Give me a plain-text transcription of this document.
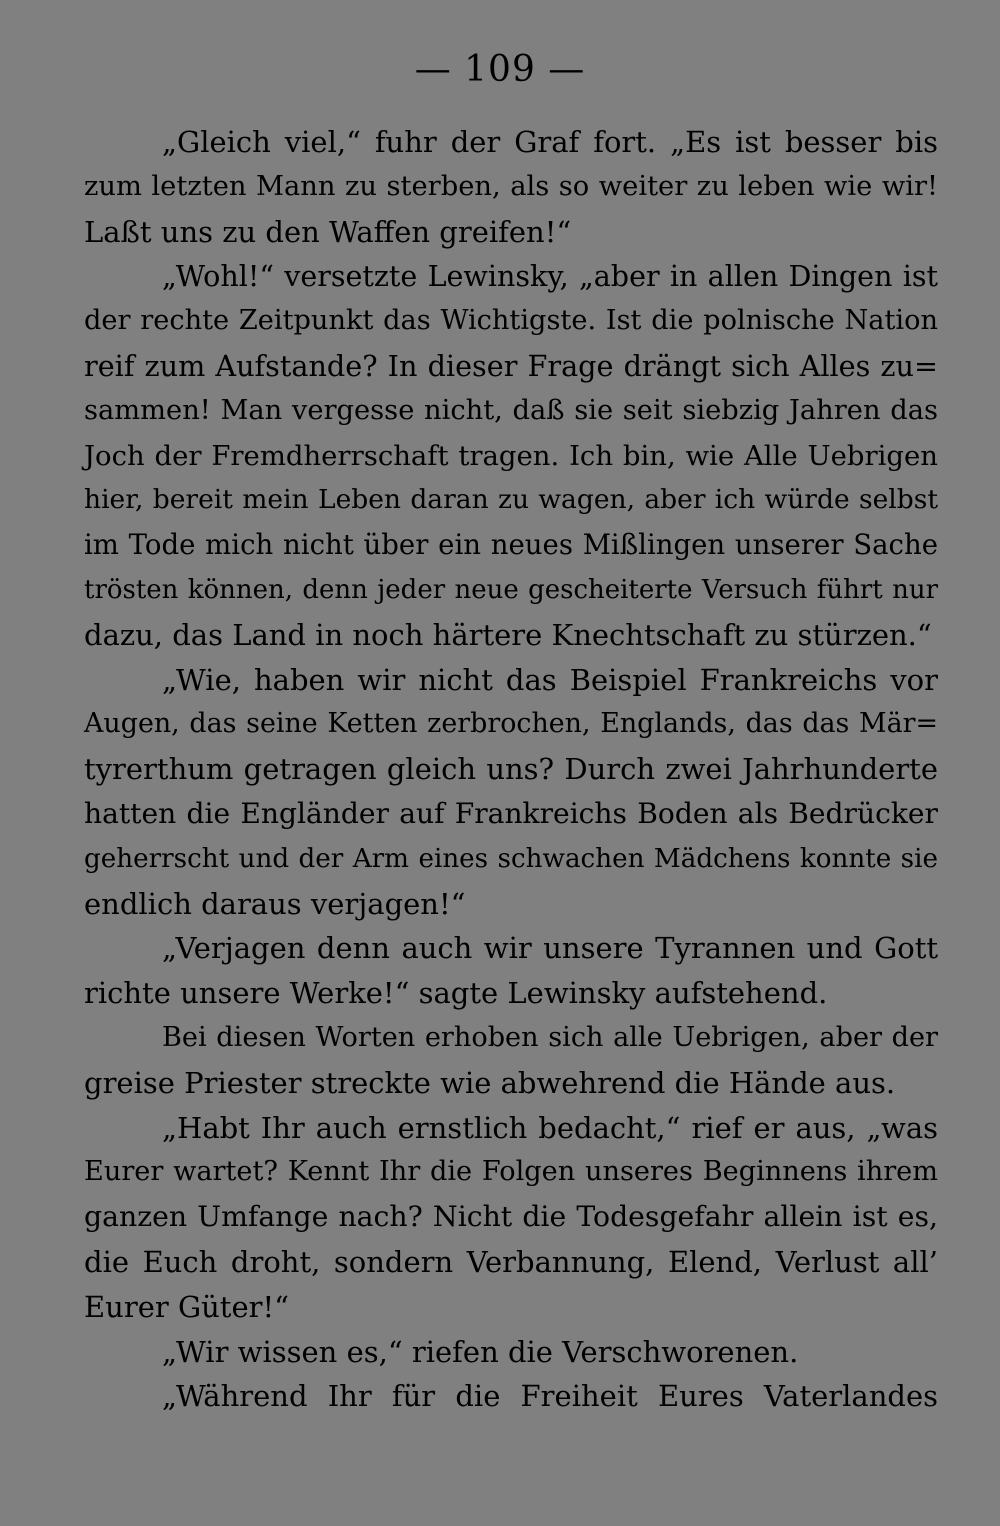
— 109 —
„Gleich viel,“ fuhr der Graf fort. „Es ist besser bis
zum letzten Mann zu sterben, als so weiter zu leben wie wir!
Laßt uns zu den Waffen greifen!“
„Wohl!“ versetzte Lewinsky, „aber in allen Dingen ist
der rechte Zeitpunkt das Wichtigste. Ist die polnische Nation
reif zum Aufstande? In dieser Frage drängt sich Alles zu=
sammen! Man vergesse nicht, daß sie seit siebzig Jahren das
Joch der Fremdherrschaft tragen. Ich bin, wie Alle Uebrigen
hier, bereit mein Leben daran zu wagen, aber ich würde selbst
im Tode mich nicht über ein neues Mißlingen unserer Sache
trösten können, denn jeder neue gescheiterte Versuch führt nur
dazu, das Land in noch härtere Knechtschaft zu stürzen.“
„Wie, haben wir nicht das Beispiel Frankreichs vor
Augen, das seine Ketten zerbrochen, Englands, das das Mär=
tyrerthum getragen gleich uns? Durch zwei Jahrhunderte
hatten die Engländer auf Frankreichs Boden als Bedrücker
geherrscht und der Arm eines schwachen Mädchens konnte sie
endlich daraus verjagen!“
„Verjagen denn auch wir unsere Tyrannen und Gott
richte unsere Werke!“ sagte Lewinsky aufstehend.
Bei diesen Worten erhoben sich alle Uebrigen, aber der
greise Priester streckte wie abwehrend die Hände aus.
„Habt Ihr auch ernstlich bedacht,“ rief er aus, „was
Eurer wartet? Kennt Ihr die Folgen unseres Beginnens ihrem
ganzen Umfange nach? Nicht die Todesgefahr allein ist es,
die Euch droht, sondern Verbannung, Elend, Verlust all’
Eurer Güter!“
„Wir wissen es,“ riefen die Verschworenen.
„Während Ihr für die Freiheit Eures Vaterlandes
